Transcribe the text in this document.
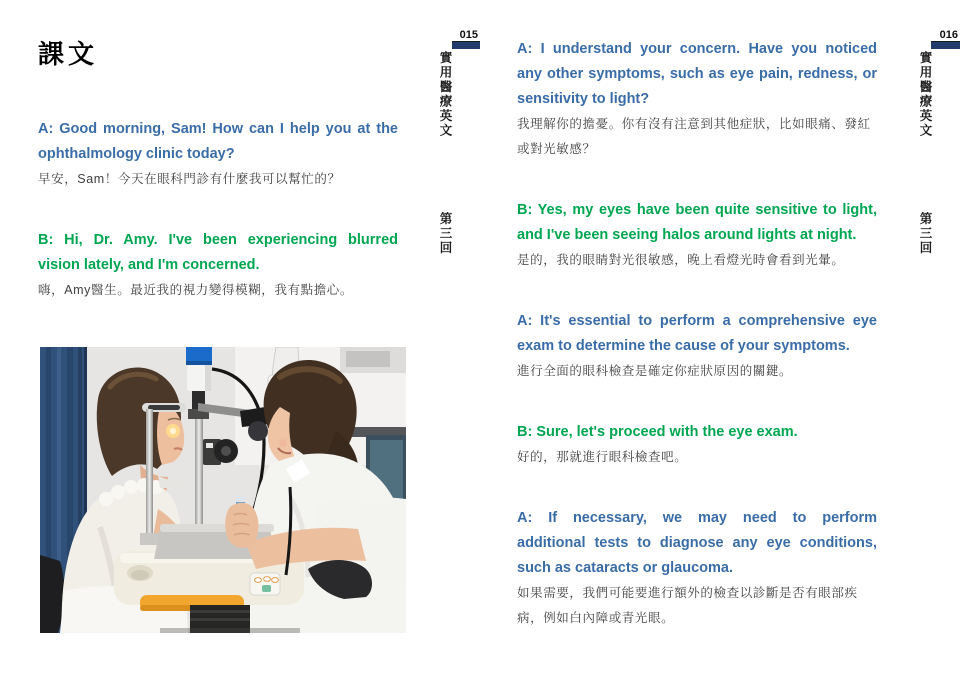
課文
A: Good morning, Sam! How can I help you at the
ophthalmology clinic today?
早安，Sam！今天在眼科門診有什麼我可以幫忙的？
B: Hi, Dr. Amy. I've been experiencing blurred
vision lately, and I'm concerned.
嗨，Amy醫生。最近我的視力變得模糊，我有點擔心。
015
實用醫療英文
第三回
A: I understand your concern. Have you noticed
any other symptoms, such as eye pain, redness, or
sensitivity to light?
我理解你的擔憂。你有沒有注意到其他症狀，比如眼痛、發紅
或對光敏感？
B: Yes, my eyes have been quite sensitive to light,
and I've been seeing halos around lights at night.
是的，我的眼睛對光很敏感，晚上看燈光時會看到光暈。
A: It's essential to perform a comprehensive eye
exam to determine the cause of your symptoms.
進行全面的眼科檢查是確定你症狀原因的關鍵。
B: Sure, let's proceed with the eye exam.
好的，那就進行眼科檢查吧。
A: If necessary, we may need to perform
additional tests to diagnose any eye conditions,
such as cataracts or glaucoma.
如果需要，我們可能要進行額外的檢查以診斷是否有眼部疾
病，例如白內障或青光眼。
016
實用醫療英文
第三回
